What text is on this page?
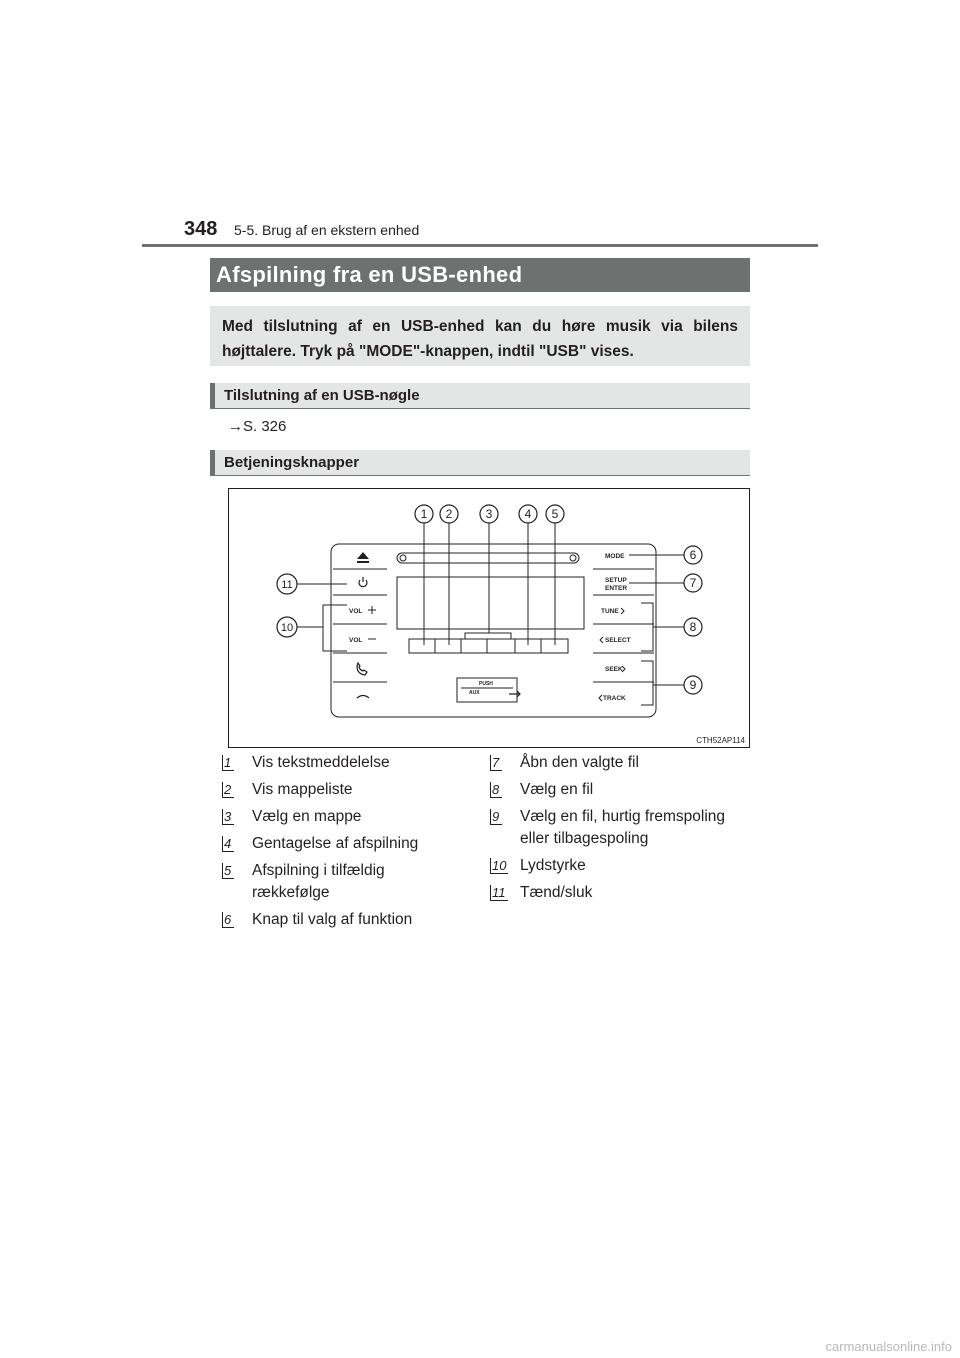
348 5-5. Brug af en ekstern enhed
Afspilning fra en USB-enhed
Med tilslutning af en USB-enhed kan du høre musik via bilens højttalere. Tryk på "MODE"-knappen, indtil "USB" vises.
Tilslutning af en USB-nøgle
→S. 326
Betjeningsknapper
1 2	3	4 5
6
7
8
9
10
11
MODE
SETUP
ENTER
TUNE
SELECT
SEEK
TRACK
VOL
VOL
PUSH
AUX
CTH52AP114
1	Vis tekstmeddelelse
2	Vis mappeliste
3	Vælg en mappe
4	Gentagelse af afspilning
5	Afspilning i tilfældig rækkefølge
6	Knap til valg af funktion
7	Åbn den valgte fil
8	Vælg en fil
9	Vælg en fil, hurtig fremspoling eller tilbagespoling
10 Lydstyrke
11 Tænd/sluk
carmanualsonline.info
